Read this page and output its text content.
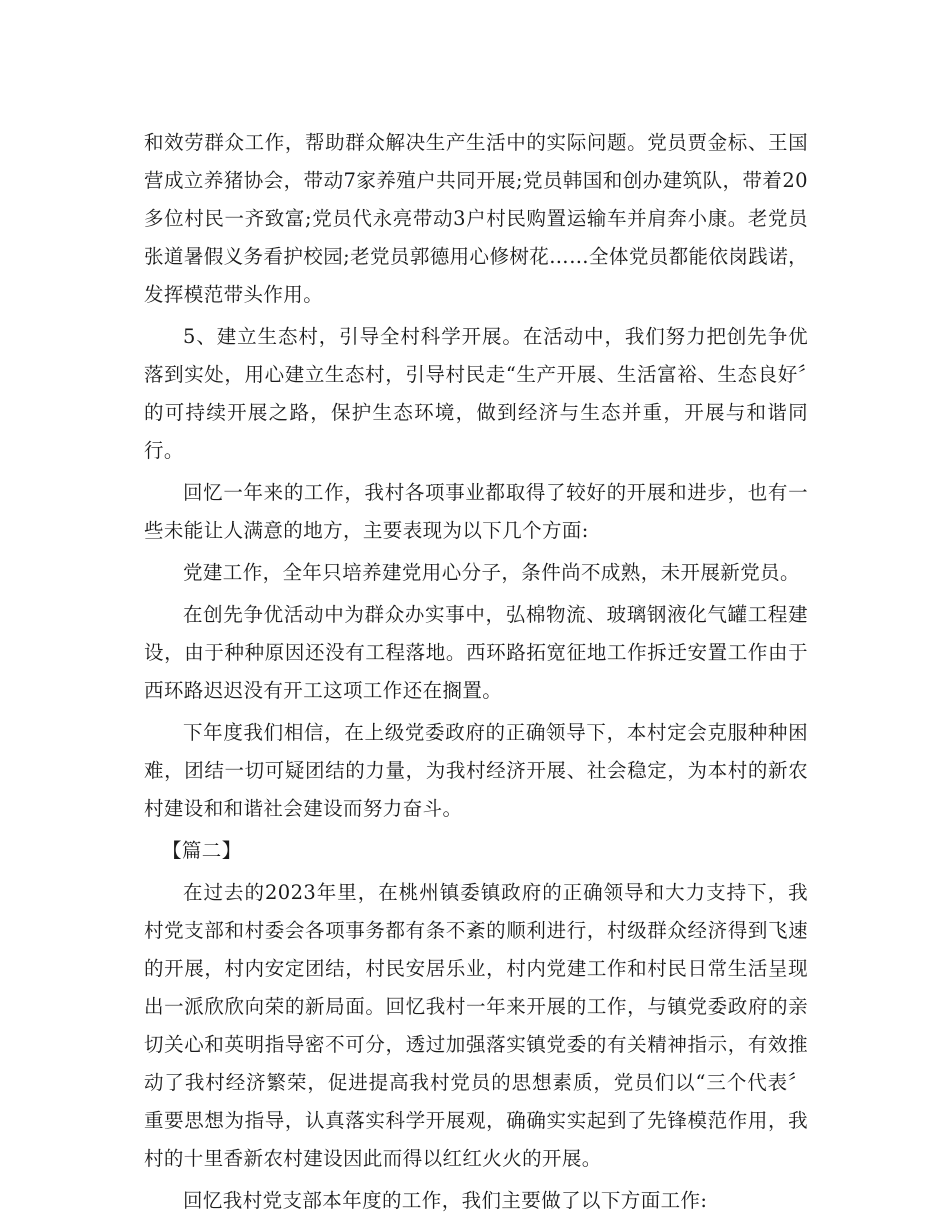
和效劳群众工作，帮助群众解决生产生活中的实际问题。党员贾金标、王国营成立养猪协会，带动7家养殖户共同开展;党员韩国和创办建筑队，带着20多位村民一齐致富;党员代永亮带动3户村民购置运输车并肩奔小康。老党员张道暑假义务看护校园;老党员郭德用心修树花……全体党员都能依岗践诺，发挥模范带头作用。

5、建立生态村，引导全村科学开展。在活动中，我们努力把创先争优落到实处，用心建立生态村，引导村民走“生产开展、生活富裕、生态良好〞的可持续开展之路，保护生态环境，做到经济与生态并重，开展与和谐同行。

回忆一年来的工作，我村各项事业都取得了较好的开展和进步，也有一些未能让人满意的地方，主要表现为以下几个方面:

党建工作，全年只培养建党用心分子，条件尚不成熟，未开展新党员。

在创先争优活动中为群众办实事中，弘棉物流、玻璃钢液化气罐工程建设，由于种种原因还没有工程落地。西环路拓宽征地工作拆迁安置工作由于西环路迟迟没有开工这项工作还在搁置。

下年度我们相信，在上级党委政府的正确领导下，本村定会克服种种困难，团结一切可疑团结的力量，为我村经济开展、社会稳定，为本村的新农村建设和和谐社会建设而努力奋斗。

【篇二】

在过去的2023年里，在桃州镇委镇政府的正确领导和大力支持下，我村党支部和村委会各项事务都有条不紊的顺利进行，村级群众经济得到飞速的开展，村内安定团结，村民安居乐业，村内党建工作和村民日常生活呈现出一派欣欣向荣的新局面。回忆我村一年来开展的工作，与镇党委政府的亲切关心和英明指导密不可分，透过加强落实镇党委的有关精神指示，有效推动了我村经济繁荣，促进提高我村党员的思想素质，党员们以“三个代表〞重要思想为指导，认真落实科学开展观，确确实实起到了先锋模范作用，我村的十里香新农村建设因此而得以红红火火的开展。

回忆我村党支部本年度的工作，我们主要做了以下方面工作:
